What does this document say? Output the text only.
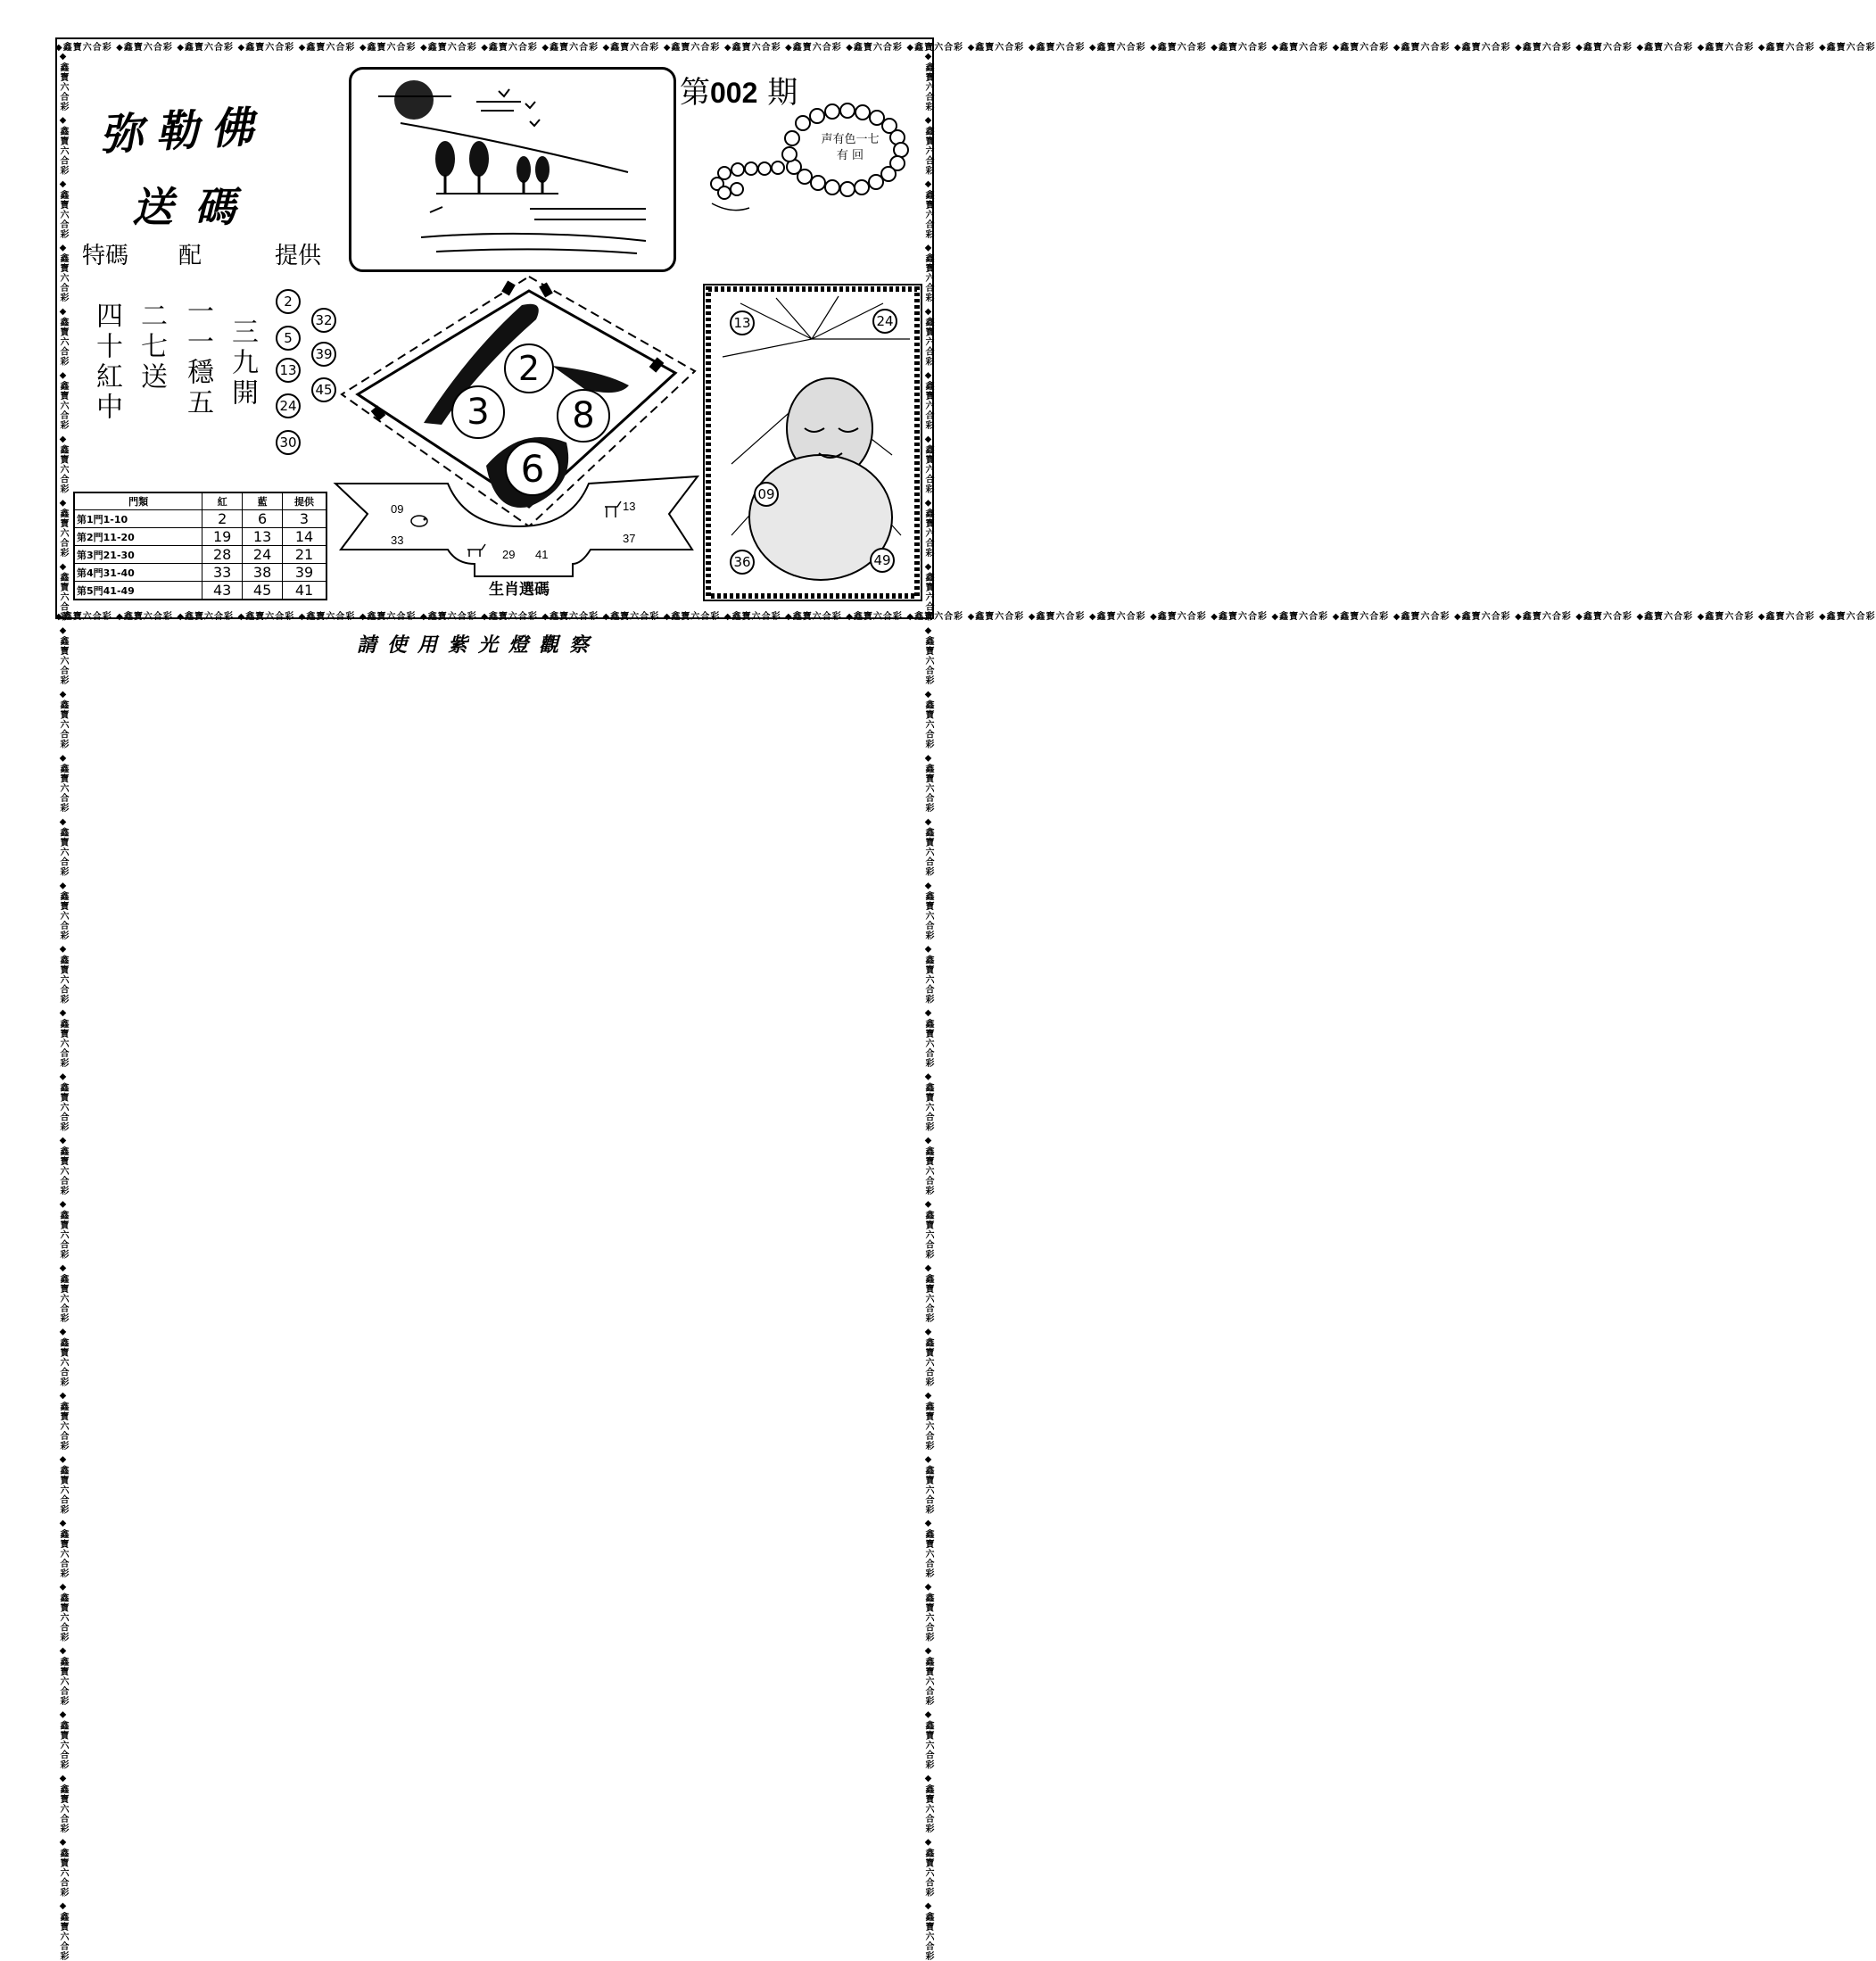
◆鑫寶六合彩 ◆鑫寶六合彩 ◆鑫寶六合彩 ◆鑫寶六合彩 ◆鑫寶六合彩 ◆鑫寶六合彩 ◆鑫寶六合彩 ◆鑫寶六合彩 ◆鑫寶六合彩 ◆鑫寶六合彩 ◆鑫寶六合彩 ◆鑫寶六合彩 ◆鑫寶六合彩 ◆鑫寶六合彩 ◆鑫寶六合彩 ◆鑫寶六合彩 ◆鑫寶六合彩 ◆鑫寶六合彩 ◆鑫寶六合彩 ◆鑫寶六合彩 ◆鑫寶六合彩 ◆鑫寶六合彩 ◆鑫寶六合彩 ◆鑫寶六合彩 ◆鑫寶六合彩 ◆鑫寶六合彩 ◆鑫寶六合彩 ◆鑫寶六合彩 ◆鑫寶六合彩 ◆鑫寶六合彩
◆鑫寶六合彩 ◆鑫寶六合彩 ◆鑫寶六合彩 ◆鑫寶六合彩 ◆鑫寶六合彩 ◆鑫寶六合彩 ◆鑫寶六合彩 ◆鑫寶六合彩 ◆鑫寶六合彩 ◆鑫寶六合彩 ◆鑫寶六合彩 ◆鑫寶六合彩 ◆鑫寶六合彩 ◆鑫寶六合彩 ◆鑫寶六合彩 ◆鑫寶六合彩 ◆鑫寶六合彩 ◆鑫寶六合彩 ◆鑫寶六合彩 ◆鑫寶六合彩 ◆鑫寶六合彩 ◆鑫寶六合彩 ◆鑫寶六合彩 ◆鑫寶六合彩 ◆鑫寶六合彩 ◆鑫寶六合彩 ◆鑫寶六合彩 ◆鑫寶六合彩 ◆鑫寶六合彩 ◆鑫寶六合彩
◆鑫寶六合彩 ◆鑫寶六合彩 ◆鑫寶六合彩 ◆鑫寶六合彩 ◆鑫寶六合彩 ◆鑫寶六合彩 ◆鑫寶六合彩 ◆鑫寶六合彩 ◆鑫寶六合彩 ◆鑫寶六合彩 ◆鑫寶六合彩 ◆鑫寶六合彩 ◆鑫寶六合彩 ◆鑫寶六合彩 ◆鑫寶六合彩 ◆鑫寶六合彩 ◆鑫寶六合彩 ◆鑫寶六合彩 ◆鑫寶六合彩 ◆鑫寶六合彩 ◆鑫寶六合彩 ◆鑫寶六合彩 ◆鑫寶六合彩 ◆鑫寶六合彩 ◆鑫寶六合彩 ◆鑫寶六合彩 ◆鑫寶六合彩 ◆鑫寶六合彩 ◆鑫寶六合彩 ◆鑫寶六合彩	◆鑫寶六合彩 ◆鑫寶六合彩 ◆鑫寶六合彩 ◆鑫寶六合彩 ◆鑫寶六合彩 ◆鑫寶六合彩 ◆鑫寶六合彩 ◆鑫寶六合彩 ◆鑫寶六合彩 ◆鑫寶六合彩 ◆鑫寶六合彩 ◆鑫寶六合彩 ◆鑫寶六合彩 ◆鑫寶六合彩 ◆鑫寶六合彩 ◆鑫寶六合彩 ◆鑫寶六合彩 ◆鑫寶六合彩 ◆鑫寶六合彩 ◆鑫寶六合彩 ◆鑫寶六合彩 ◆鑫寶六合彩 ◆鑫寶六合彩 ◆鑫寶六合彩 ◆鑫寶六合彩 ◆鑫寶六合彩 ◆鑫寶六合彩 ◆鑫寶六合彩 ◆鑫寶六合彩 ◆鑫寶六合彩
弥勒佛
送碼
特碼 配	提供
四十紅中 二七送 一一穩五 三九開
2
5
13
24
30
32
39
45
第002 期
声有色一七
有 回
2
3	8
6
09
33
13
37
29 41
生肖選碼
13	24
09
36	49
門類	紅	藍	提供
第1門1-10	2	6	3
第2門11-20	19	13	14
第3門21-30	28	24	21
第4門31-40	33	38	39
第5門41-49	43	45	41
請使用紫光燈觀察
